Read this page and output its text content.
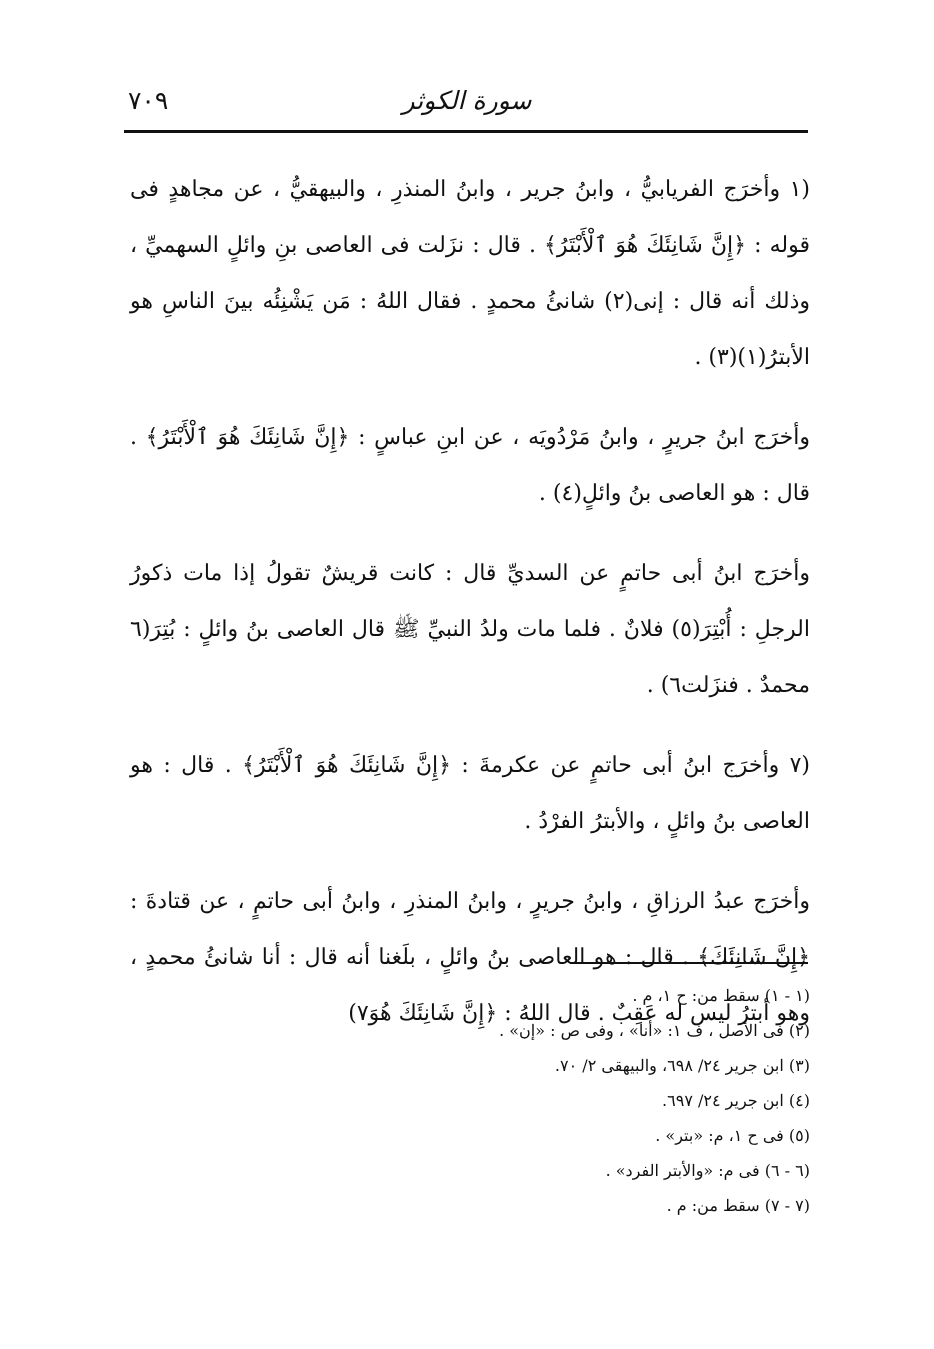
سورة الكوثر
٧٠٩

(١ وأخرَج الفريابيُّ ، وابنُ جرير ، وابنُ المنذرِ ، والبيهقيُّ ، عن مجاهدٍ فى قوله : ﴿إِنَّ شَانِئَكَ هُوَ ٱلْأَبْتَرُ﴾ . قال : نزَلت فى العاصى بنِ وائلٍ السهميِّ ، وذلك أنه قال : إنى(٢) شانئُ محمدٍ . فقال اللهُ : مَن يَشْنِئُه بينَ الناسِ هو الأبترُ(١)(٣) .

وأخرَج ابنُ جريرٍ ، وابنُ مَرْدُويَه ، عن ابنِ عباسٍ : ﴿إِنَّ شَانِئَكَ هُوَ ٱلْأَبْتَرُ﴾ . قال : هو العاصى بنُ وائلٍ(٤) .

وأخرَج ابنُ أبى حاتمٍ عن السديِّ قال : كانت قريشٌ تقولُ إذا مات ذكورُ الرجلِ : أُبْتِرَ(٥) فلانٌ . فلما مات ولدُ النبيِّ ﷺ قال العاصى بنُ وائلٍ : بُتِرَ(٦ محمدٌ . فنزَلت٦) .

(٧ وأخرَج ابنُ أبى حاتمٍ عن عكرمةَ : ﴿إِنَّ شَانِئَكَ هُوَ ٱلْأَبْتَرُ﴾ . قال : هو العاصى بنُ وائلٍ ، والأبترُ الفرْدُ .

وأخرَج عبدُ الرزاقِ ، وابنُ جريرٍ ، وابنُ المنذرِ ، وابنُ أبى حاتمٍ ، عن قتادةَ : ﴿إِنَّ شَانِئَكَ﴾ . قال : هو العاصى بنُ وائلٍ ، بلَغنا أنه قال : أنا شانئُ محمدٍ ، وهو أبترُ ليس له عَقِبٌ . قال اللهُ : ﴿إِنَّ شَانِئَكَ هُوَ٧)

(١ - ١) سقط من: ح ١، م .
(٢) فى الأصل ، ف ١: «أنا» ، وفى ص : «إن» .
(٣) ابن جرير ٢٤/ ٦٩٨، والبيهقى ٢/ ٧٠.
(٤) ابن جرير ٢٤/ ٦٩٧.
(٥) فى ح ١، م: «بتر» .
(٦ - ٦) فى م: «والأبتر الفرد» .
(٧ - ٧) سقط من: م .
